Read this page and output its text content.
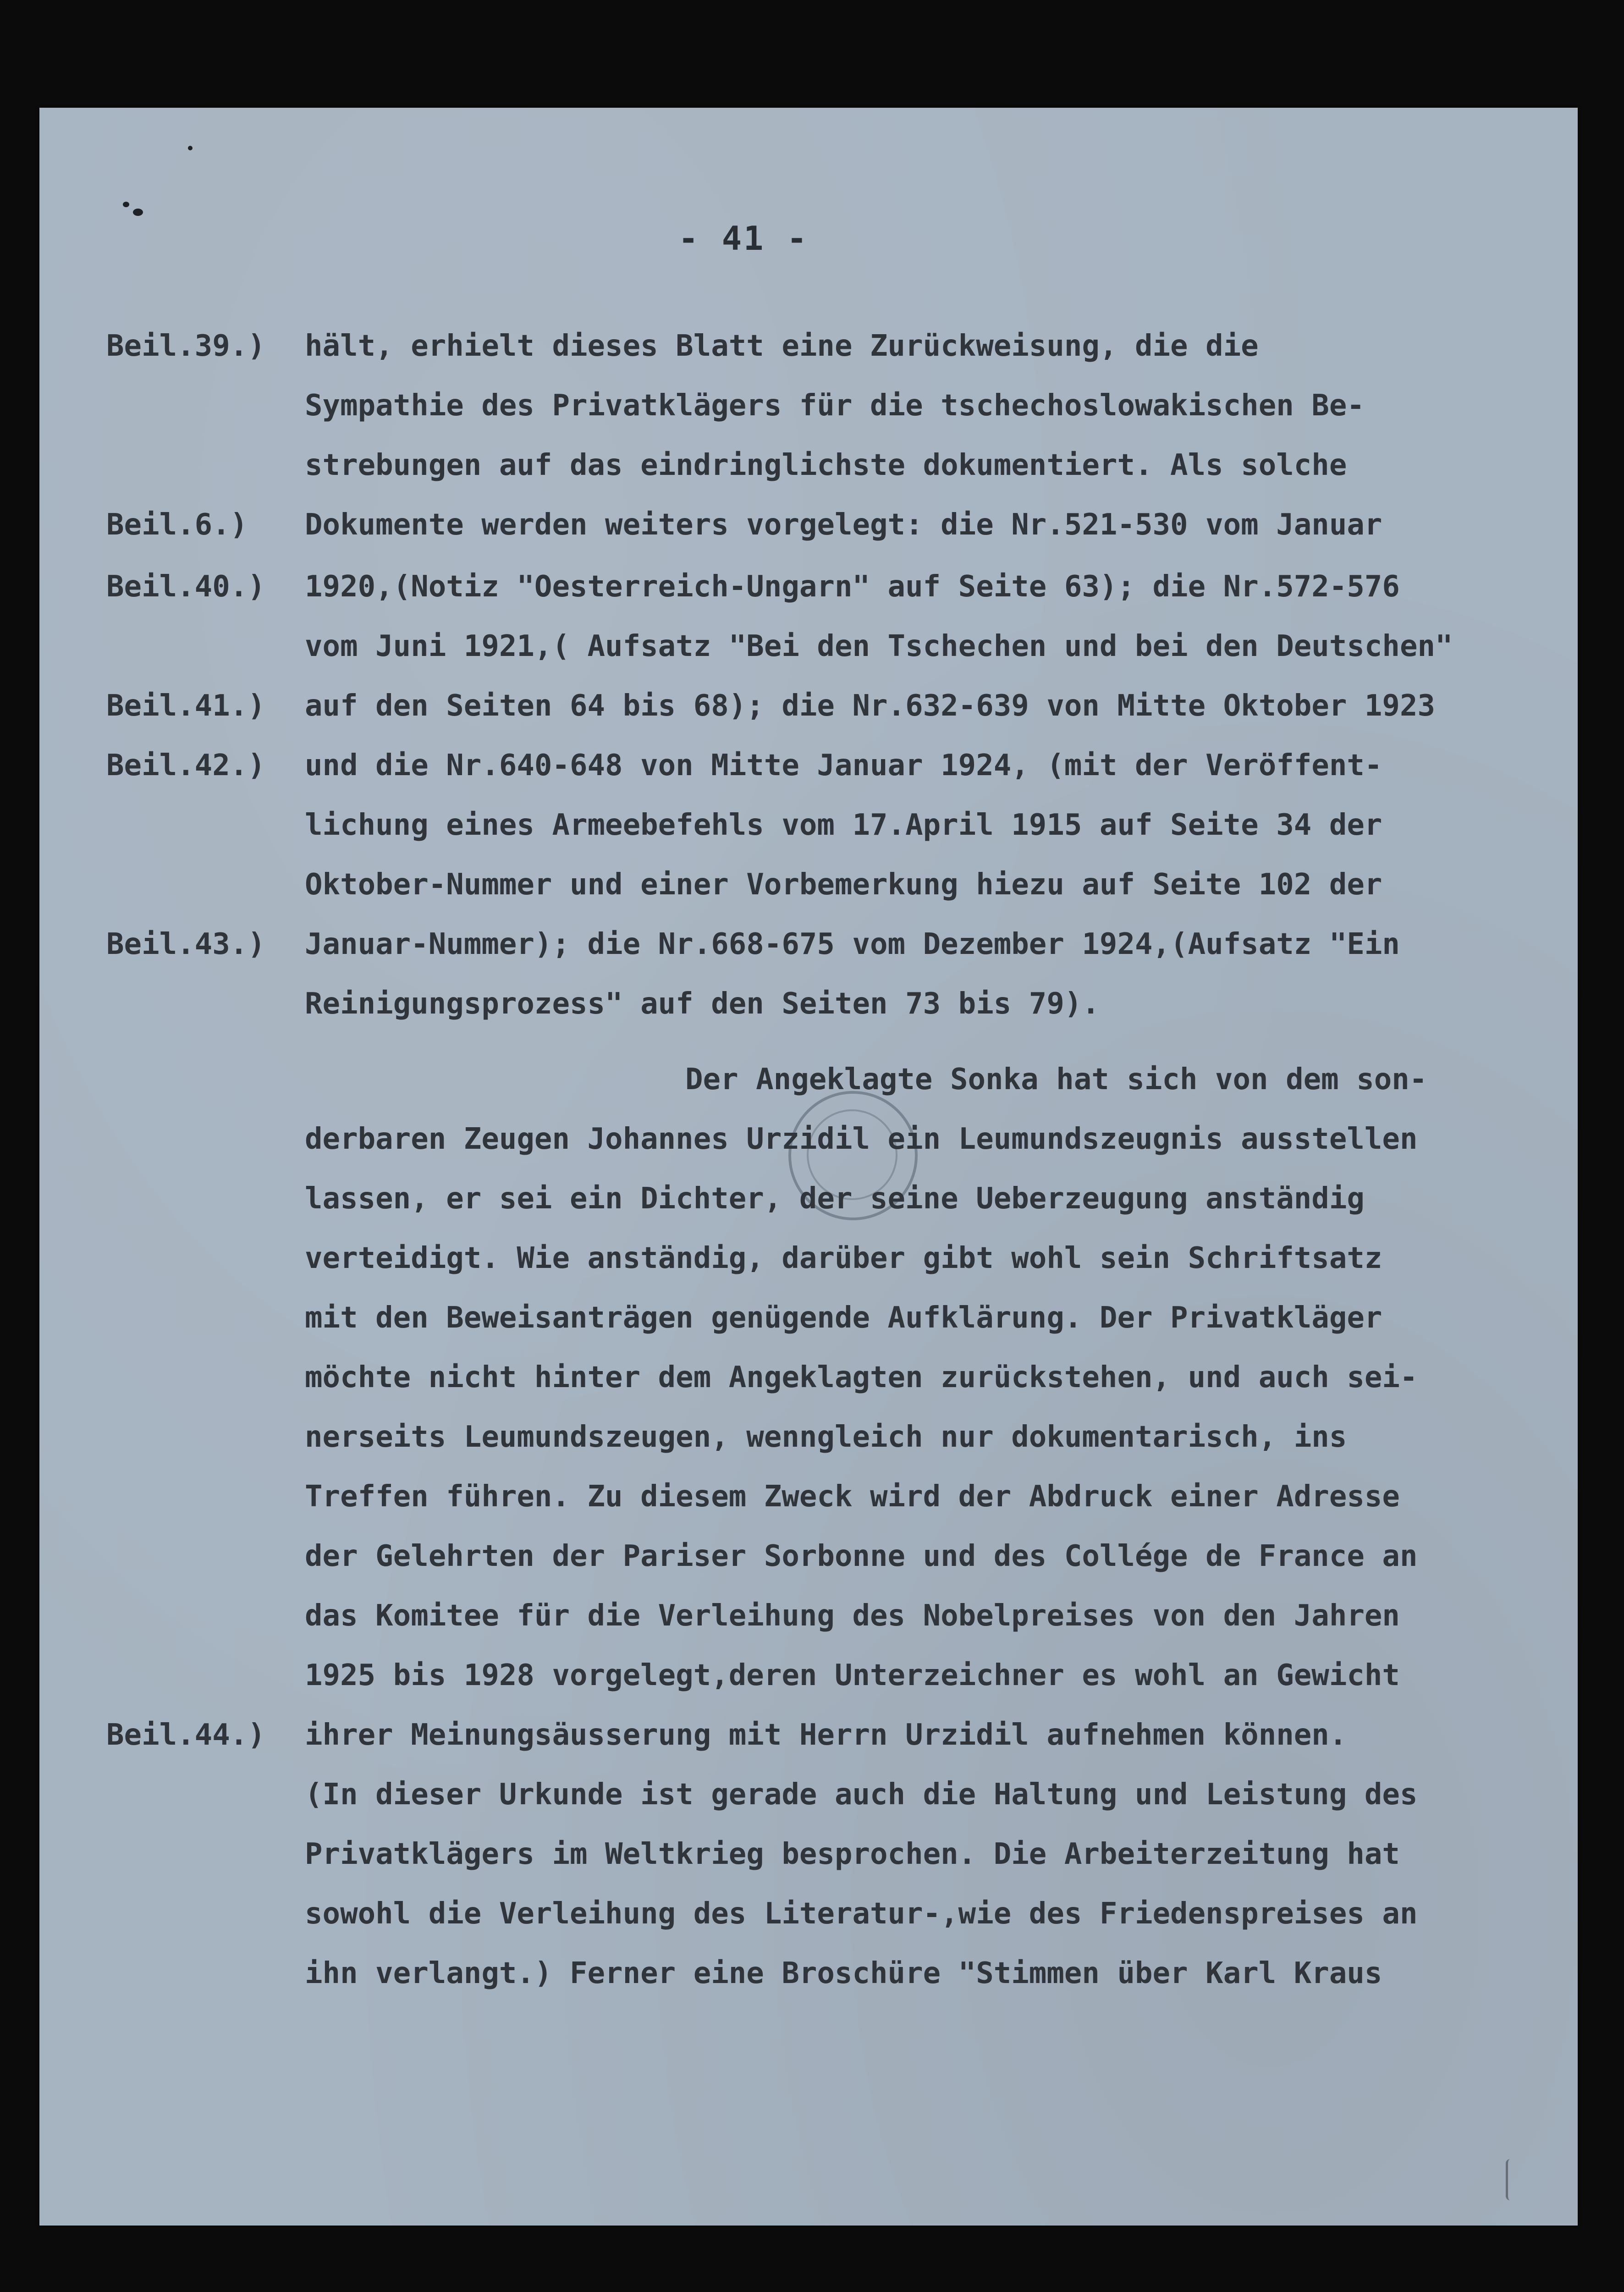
- 41 -
Beil.39.)
Beil.6.)
Beil.40.)
Beil.41.)
Beil.42.)
Beil.43.)
Beil.44.)
hält, erhielt dieses Blatt eine Zurückweisung, die die
Sympathie des Privatklägers für die tschechoslowakischen Be-
strebungen auf das eindringlichste dokumentiert. Als solche
Dokumente werden weiters vorgelegt: die Nr.521-530 vom Januar
1920,(Notiz "Oesterreich-Ungarn" auf Seite 63); die Nr.572-576
vom Juni 1921,( Aufsatz "Bei den Tschechen und bei den Deutschen"
auf den Seiten 64 bis 68); die Nr.632-639 von Mitte Oktober 1923
und die Nr.640-648 von Mitte Januar 1924, (mit der Veröffent-
lichung eines Armeebefehls vom 17.April 1915 auf Seite 34 der
Oktober-Nummer und einer Vorbemerkung hiezu auf Seite 102 der
Januar-Nummer); die Nr.668-675 vom Dezember 1924,(Aufsatz "Ein
Reinigungsprozess" auf den Seiten 73 bis 79).
Der Angeklagte Sonka hat sich von dem son-
derbaren Zeugen Johannes Urzidil ein Leumundszeugnis ausstellen
lassen, er sei ein Dichter, der seine Ueberzeugung anständig
verteidigt. Wie anständig, darüber gibt wohl sein Schriftsatz
mit den Beweisanträgen genügende Aufklärung. Der Privatkläger
möchte nicht hinter dem Angeklagten zurückstehen, und auch sei-
nerseits Leumundszeugen, wenngleich nur dokumentarisch, ins
Treffen führen. Zu diesem Zweck wird der Abdruck einer Adresse
der Gelehrten der Pariser Sorbonne und des Collége de France an
das Komitee für die Verleihung des Nobelpreises von den Jahren
1925 bis 1928 vorgelegt,deren Unterzeichner es wohl an Gewicht
ihrer Meinungsäusserung mit Herrn Urzidil aufnehmen können.
(In dieser Urkunde ist gerade auch die Haltung und Leistung des
Privatklägers im Weltkrieg besprochen. Die Arbeiterzeitung hat
sowohl die Verleihung des Literatur-,wie des Friedenspreises an
ihn verlangt.) Ferner eine Broschüre "Stimmen über Karl Kraus
